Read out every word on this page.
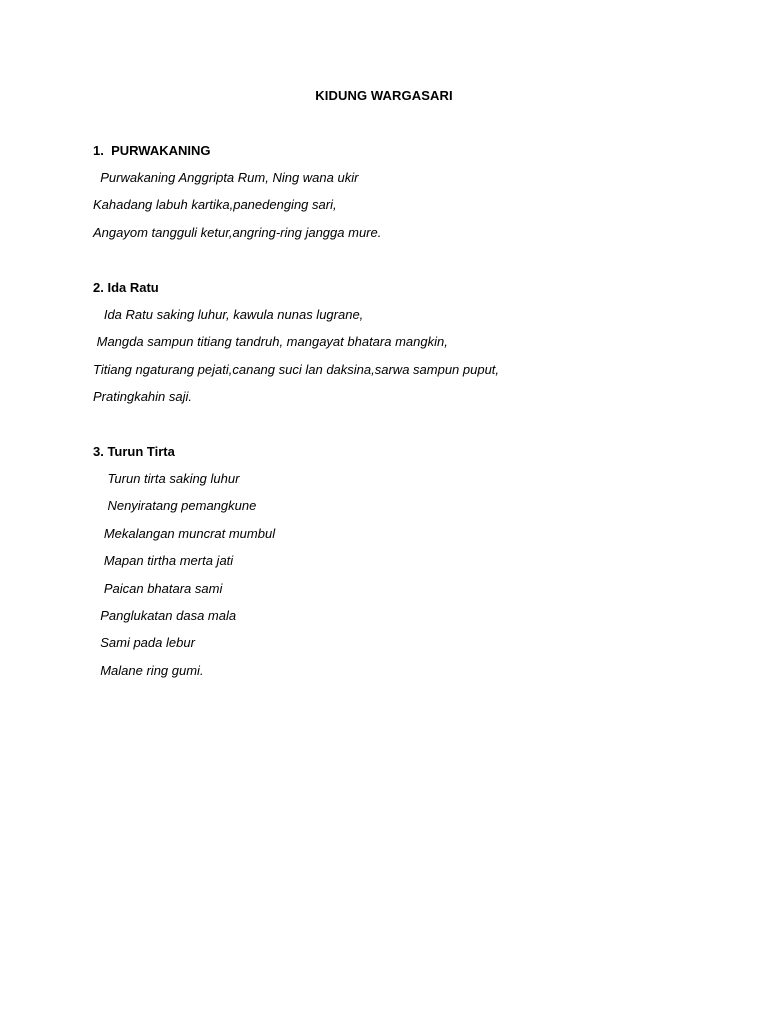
KIDUNG WARGASARI
1.  PURWAKANING
Purwakaning Anggripta Rum, Ning wana ukir
Kahadang labuh kartika,panedenging sari,
Angayom tangguli ketur,angring-ring jangga mure.
2. Ida Ratu
Ida Ratu saking luhur, kawula nunas lugrane,
Mangda sampun titiang tandruh, mangayat bhatara mangkin,
Titiang ngaturang pejati,canang suci lan daksina,sarwa sampun puput,
Pratingkahin saji.
3. Turun Tirta
Turun tirta saking luhur
Nenyiratang pemangkune
Mekalangan muncrat mumbul
Mapan tirtha merta jati
Paican bhatara sami
Panglukatan dasa mala
Sami pada lebur
Malane ring gumi.
